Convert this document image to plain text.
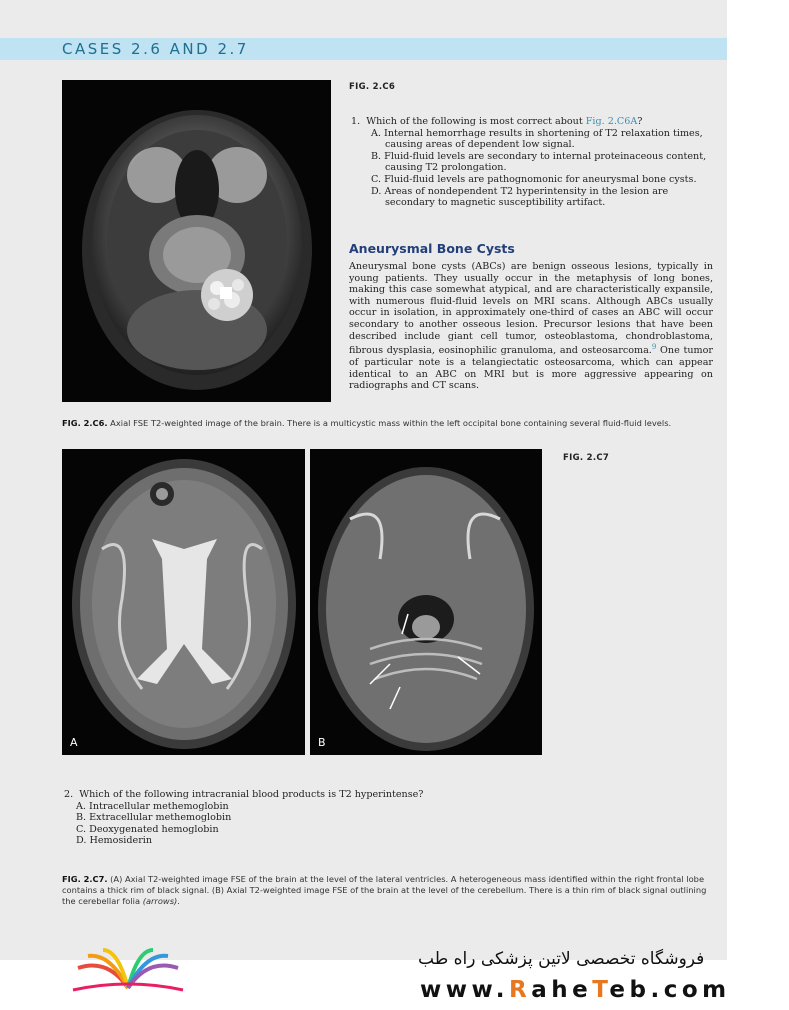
CASES 2.6 AND 2.7
FIG. 2.C6
1. Which of the following is most correct about Fig. 2.C6A?
A. Internal hemorrhage results in shortening of T2 relaxation times, causing areas of dependent low signal.
B. Fluid-fluid levels are secondary to internal proteinaceous content, causing T2 prolongation.
C. Fluid-fluid levels are pathognomonic for aneurysmal bone cysts.
D. Areas of nondependent T2 hyperintensity in the lesion are secondary to magnetic susceptibility artifact.
Aneurysmal Bone Cysts
Aneurysmal bone cysts (ABCs) are benign osseous lesions, typically in young patients. They usually occur in the metaphysis of long bones, making this case somewhat atypical, and are characteristically expansile, with numerous fluid-fluid levels on MRI scans. Although ABCs usually occur in isolation, in approximately one-third of cases an ABC will occur secondary to another osseous lesion. Precursor lesions that have been described include giant cell tumor, osteoblastoma, chondroblastoma, fibrous dysplasia, eosinophilic granuloma, and osteosarcoma.$^9$ One tumor of particular note is a telangiectatic osteosarcoma, which can appear identical to an ABC on MRI but is more aggressive appearing on radiographs and CT scans.
FIG. 2.C6. Axial FSE T2-weighted image of the brain. There is a multicystic mass within the left occipital bone containing several fluid-fluid levels.
A	B
FIG. 2.C7
2. Which of the following intracranial blood products is T2 hyperintense?
A. Intracellular methemoglobin
B. Extracellular methemoglobin
C. Deoxygenated hemoglobin
D. Hemosiderin
FIG. 2.C7. (A) Axial T2-weighted image FSE of the brain at the level of the lateral ventricles. A heterogeneous mass identified within the right frontal lobe contains a thick rim of black signal. (B) Axial T2-weighted image FSE of the brain at the level of the cerebellum. There is a thin rim of black signal outlining the cerebellar folia (arrows).
فروشگاه تخصصی لاتین پزشکی راه طب
www.RaheTeb.com
